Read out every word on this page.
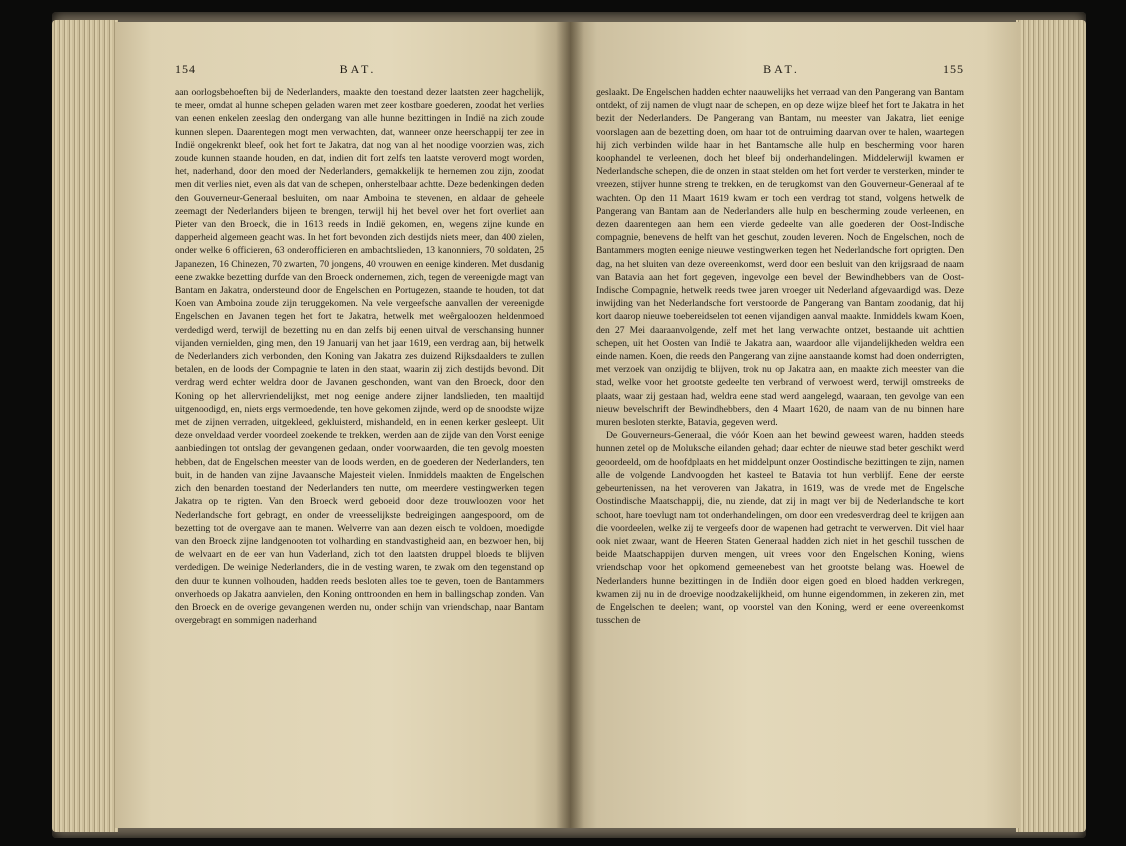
154	BAT.

aan oorlogsbehoeften bij de Nederlanders, maakte den toestand dezer laatsten zeer hagchelijk, te meer, omdat al hunne schepen geladen waren met zeer kostbare goederen, zoodat het verlies van eenen enkelen zeeslag den ondergang van alle hunne bezittingen in Indië na zich zoude kunnen slepen. Daarentegen mogt men verwachten, dat, wanneer onze heerschappij ter zee in Indië ongekrenkt bleef, ook het fort te Jakatra, dat nog van al het noodige voorzien was, zich zoude kunnen staande houden, en dat, indien dit fort zelfs ten laatste veroverd mogt worden, het, naderhand, door den moed der Nederlanders, gemakkelijk te hernemen zou zijn, zoodat men dit verlies niet, even als dat van de schepen, onherstelbaar achtte. Deze bedenkingen deden den Gouverneur-Generaal besluiten, om naar Amboina te stevenen, en aldaar de geheele zeemagt der Nederlanders bijeen te brengen, terwijl hij het bevel over het fort overliet aan Pieter van den Broeck, die in 1613 reeds in Indië gekomen, en, wegens zijne kunde en dapperheid algemeen geacht was. In het fort bevonden zich destijds niets meer, dan 400 zielen, onder welke 6 officieren, 63 onderofficieren en ambachtslieden, 13 kanonniers, 70 soldaten, 25 Japanezen, 16 Chinezen, 70 zwarten, 70 jongens, 40 vrouwen en eenige kinderen. Met dusdanig eene zwakke bezetting durfde van den Broeck ondernemen, zich, tegen de vereenigde magt van Bantam en Jakatra, ondersteund door de Engelschen en Portugezen, staande te houden, tot dat Koen van Amboina zoude zijn teruggekomen. Na vele vergeefsche aanvallen der vereenigde Engelschen en Javanen tegen het fort te Jakatra, hetwelk met weêrgaloozen heldenmoed verdedigd werd, terwijl de bezetting nu en dan zelfs bij eenen uitval de verschansing hunner vijanden vernielden, ging men, den 19 Januarij van het jaar 1619, een verdrag aan, bij hetwelk de Nederlanders zich verbonden, den Koning van Jakatra zes duizend Rijksdaalders te zullen betalen, en de loods der Compagnie te laten in den staat, waarin zij zich destijds bevond. Dit verdrag werd echter weldra door de Javanen geschonden, want van den Broeck, door den Koning op het allervriendelijkst, met nog eenige andere zijner landslieden, ten maaltijd uitgenoodigd, en, niets ergs vermoedende, ten hove gekomen zijnde, werd op de snoodste wijze met de zijnen verraden, uitgekleed, gekluisterd, mishandeld, en in eenen kerker gesleept. Uit deze onveldaad verder voordeel zoekende te trekken, werden aan de zijde van den Vorst eenige aanbiedingen tot ontslag der gevangenen gedaan, onder voorwaarden, die ten gevolg moesten hebben, dat de Engelschen meester van de loods werden, en de goederen der Nederlanders, ten buit, in de handen van zijne Javaansche Majesteit vielen. Inmiddels maakten de Engelschen zich den benarden toestand der Nederlanders ten nutte, om meerdere vestingwerken tegen Jakatra op te rigten. Van den Broeck werd geboeid door deze trouwloozen voor het Nederlandsche fort gebragt, en onder de vreesselijkste bedreigingen aangespoord, om de bezetting tot de overgave aan te manen. Welverre van aan dezen eisch te voldoen, moedigde van den Broeck zijne landgenooten tot volharding en standvastigheid aan, en bezwoer hen, bij de welvaart en de eer van hun Vaderland, zich tot den laatsten druppel bloeds te blijven verdedigen. De weinige Nederlanders, die in de vesting waren, te zwak om den tegenstand op den duur te kunnen volhouden, hadden reeds besloten alles toe te geven, toen de Bantammers onverhoeds op Jakatra aanvielen, den Koning onttroonden en hem in ballingschap zonden. Van den Broeck en de overige gevangenen werden nu, onder schijn van vriendschap, naar Bantam overgebragt en sommigen naderhand

BAT.	155

geslaakt. De Engelschen hadden echter naauwelijks het verraad van den Pangerang van Bantam ontdekt, of zij namen de vlugt naar de schepen, en op deze wijze bleef het fort te Jakatra in het bezit der Nederlanders. De Pangerang van Bantam, nu meester van Jakatra, liet eenige voorslagen aan de bezetting doen, om haar tot de ontruiming daarvan over te halen, waartegen hij zich verbinden wilde haar in het Bantamsche alle hulp en bescherming voor haren koophandel te verleenen, doch het bleef bij onderhandelingen. Middelerwijl kwamen er Nederlandsche schepen, die de onzen in staat stelden om het fort verder te versterken, minder te vreezen, stijver hunne streng te trekken, en de terugkomst van den Gouverneur-Generaal af te wachten. Op den 11 Maart 1619 kwam er toch een verdrag tot stand, volgens hetwelk de Pangerang van Bantam aan de Nederlanders alle hulp en bescherming zoude verleenen, en dezen daarentegen aan hem een vierde gedeelte van alle goederen der Oost-Indische compagnie, benevens de helft van het geschut, zouden leveren. Noch de Engelschen, noch de Bantammers mogten eenige nieuwe vestingwerken tegen het Nederlandsche fort oprigten. Den dag, na het sluiten van deze overeenkomst, werd door een besluit van den krijgsraad de naam van Batavia aan het fort gegeven, ingevolge een bevel der Bewindhebbers van de Oost-Indische Compagnie, hetwelk reeds twee jaren vroeger uit Nederland afgevaardigd was. Deze inwijding van het Nederlandsche fort verstoorde de Pangerang van Bantam zoodanig, dat hij kort daarop nieuwe toebereidselen tot eenen vijandigen aanval maakte. Inmiddels kwam Koen, den 27 Mei daaraanvolgende, zelf met het lang verwachte ontzet, bestaande uit achttien schepen, uit het Oosten van Indië te Jakatra aan, waardoor alle vijandelijkheden weldra een einde namen. Koen, die reeds den Pangerang van zijne aanstaande komst had doen onderrigten, met verzoek van onzijdig te blijven, trok nu op Jakatra aan, en maakte zich meester van die stad, welke voor het grootste gedeelte ten verbrand of verwoest werd, terwijl omstreeks de plaats, waar zij gestaan had, weldra eene stad werd aangelegd, waaraan, ten gevolge van een nieuw bevelschrift der Bewindhebbers, den 4 Maart 1620, de naam van de nu binnen hare muren besloten sterkte, Batavia, gegeven werd.

De Gouverneurs-Generaal, die vóór Koen aan het bewind geweest waren, hadden steeds hunnen zetel op de Moluksche eilanden gehad; daar echter de nieuwe stad beter geschikt werd geoordeeld, om de hoofdplaats en het middelpunt onzer Oostindische bezittingen te zijn, namen alle de volgende Landvoogden het kasteel te Batavia tot hun verblijf. Eene der eerste gebeurtenissen, na het veroveren van Jakatra, in 1619, was de vrede met de Engelsche Oostindische Maatschappij, die, nu ziende, dat zij in magt ver bij de Nederlandsche te kort schoot, hare toevlugt nam tot onderhandelingen, om door een vredesverdrag deel te krijgen aan die voordeelen, welke zij te vergeefs door de wapenen had getracht te verwerven. Dit viel haar ook niet zwaar, want de Heeren Staten Generaal hadden zich niet in het geschil tusschen de beide Maatschappijen durven mengen, uit vrees voor den Engelschen Koning, wiens vriendschap voor het opkomend gemeenebest van het grootste belang was. Hoewel de Nederlanders hunne bezittingen in de Indiën door eigen goed en bloed hadden verkregen, kwamen zij nu in de droevige noodzakelijkheid, om hunne eigendommen, in zekeren zin, met de Engelschen te deelen; want, op voorstel van den Koning, werd er eene overeenkomst tusschen de
